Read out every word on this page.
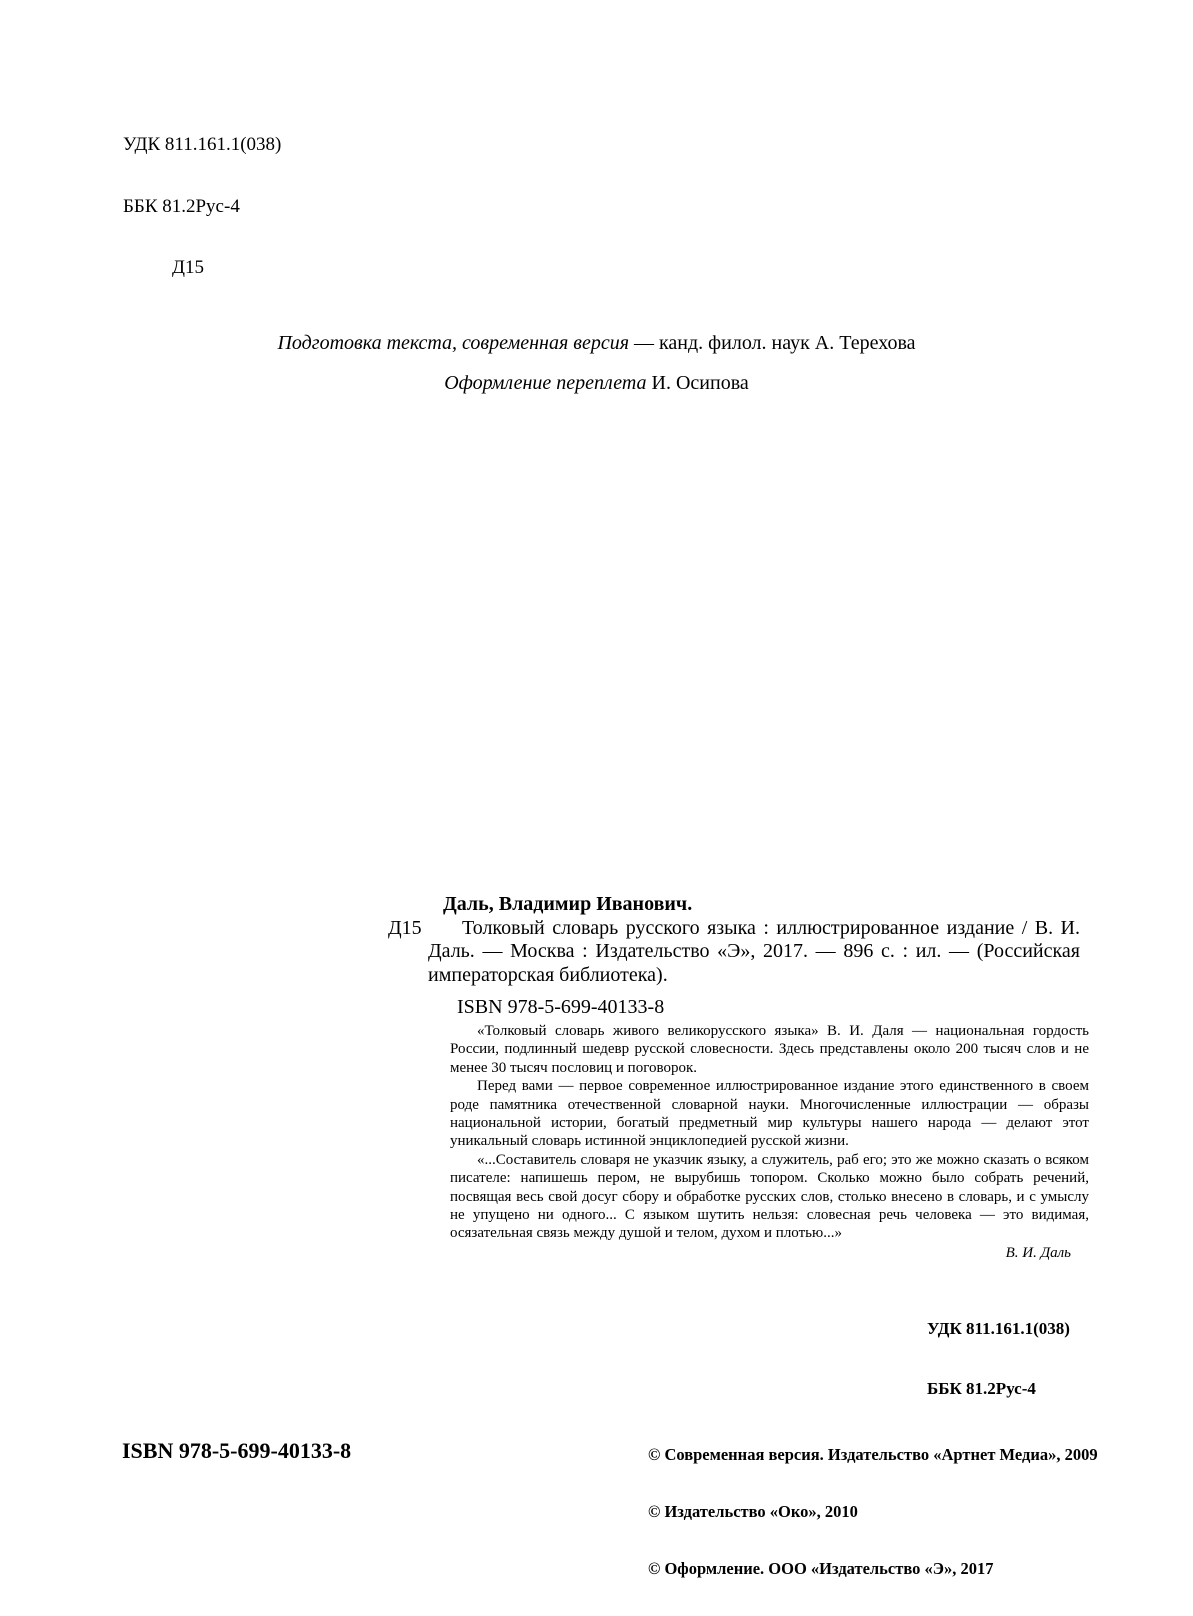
УДК 811.161.1(038)

ББК 81.2Рус-4

Д15

Подготовка текста, современная версия — канд. филол. наук А. Терехова
Оформление переплета И. Осипова
Д15
Даль, Владимир Иванович.

Толковый словарь русского языка : иллюстрированное издание / В. И. Даль. — Москва : Издательство «Э», 2017. — 896 с. : ил. — (Российская императорская библиотека).

ISBN 978-5-699-40133-8

«Толковый словарь живого великорусского языка» В. И. Даля — национальная гордость России, подлинный шедевр русской словесности. Здесь представлены около 200 тысяч слов и не менее 30 тысяч пословиц и поговорок.

Перед вами — первое современное иллюстрированное издание этого единственного в своем роде памятника отечественной словарной науки. Многочисленные иллюстрации — образы национальной истории, богатый предметный мир культуры нашего народа — делают этот уникальный словарь истинной энциклопедией русской жизни.

«...Составитель словаря не указчик языку, а служитель, раб его; это же можно сказать о всяком писателе: напишешь пером, не вырубишь топором. Сколько можно было собрать речений, посвящая весь свой досуг сбору и обработке русских слов, столько внесено в словарь, и с умыслу не упущено ни одного... С языком шутить нельзя: словесная речь человека — это видимая, осязательная связь между душой и телом, духом и плотью...»

В. И. Даль

УДК 811.161.1(038)

ББК 81.2Рус-4

© Современная версия. Издательство «Артнет Медиа», 2009

© Издательство «Око», 2010

© Оформление. ООО «Издательство «Э», 2017

ISBN 978-5-699-40133-8
